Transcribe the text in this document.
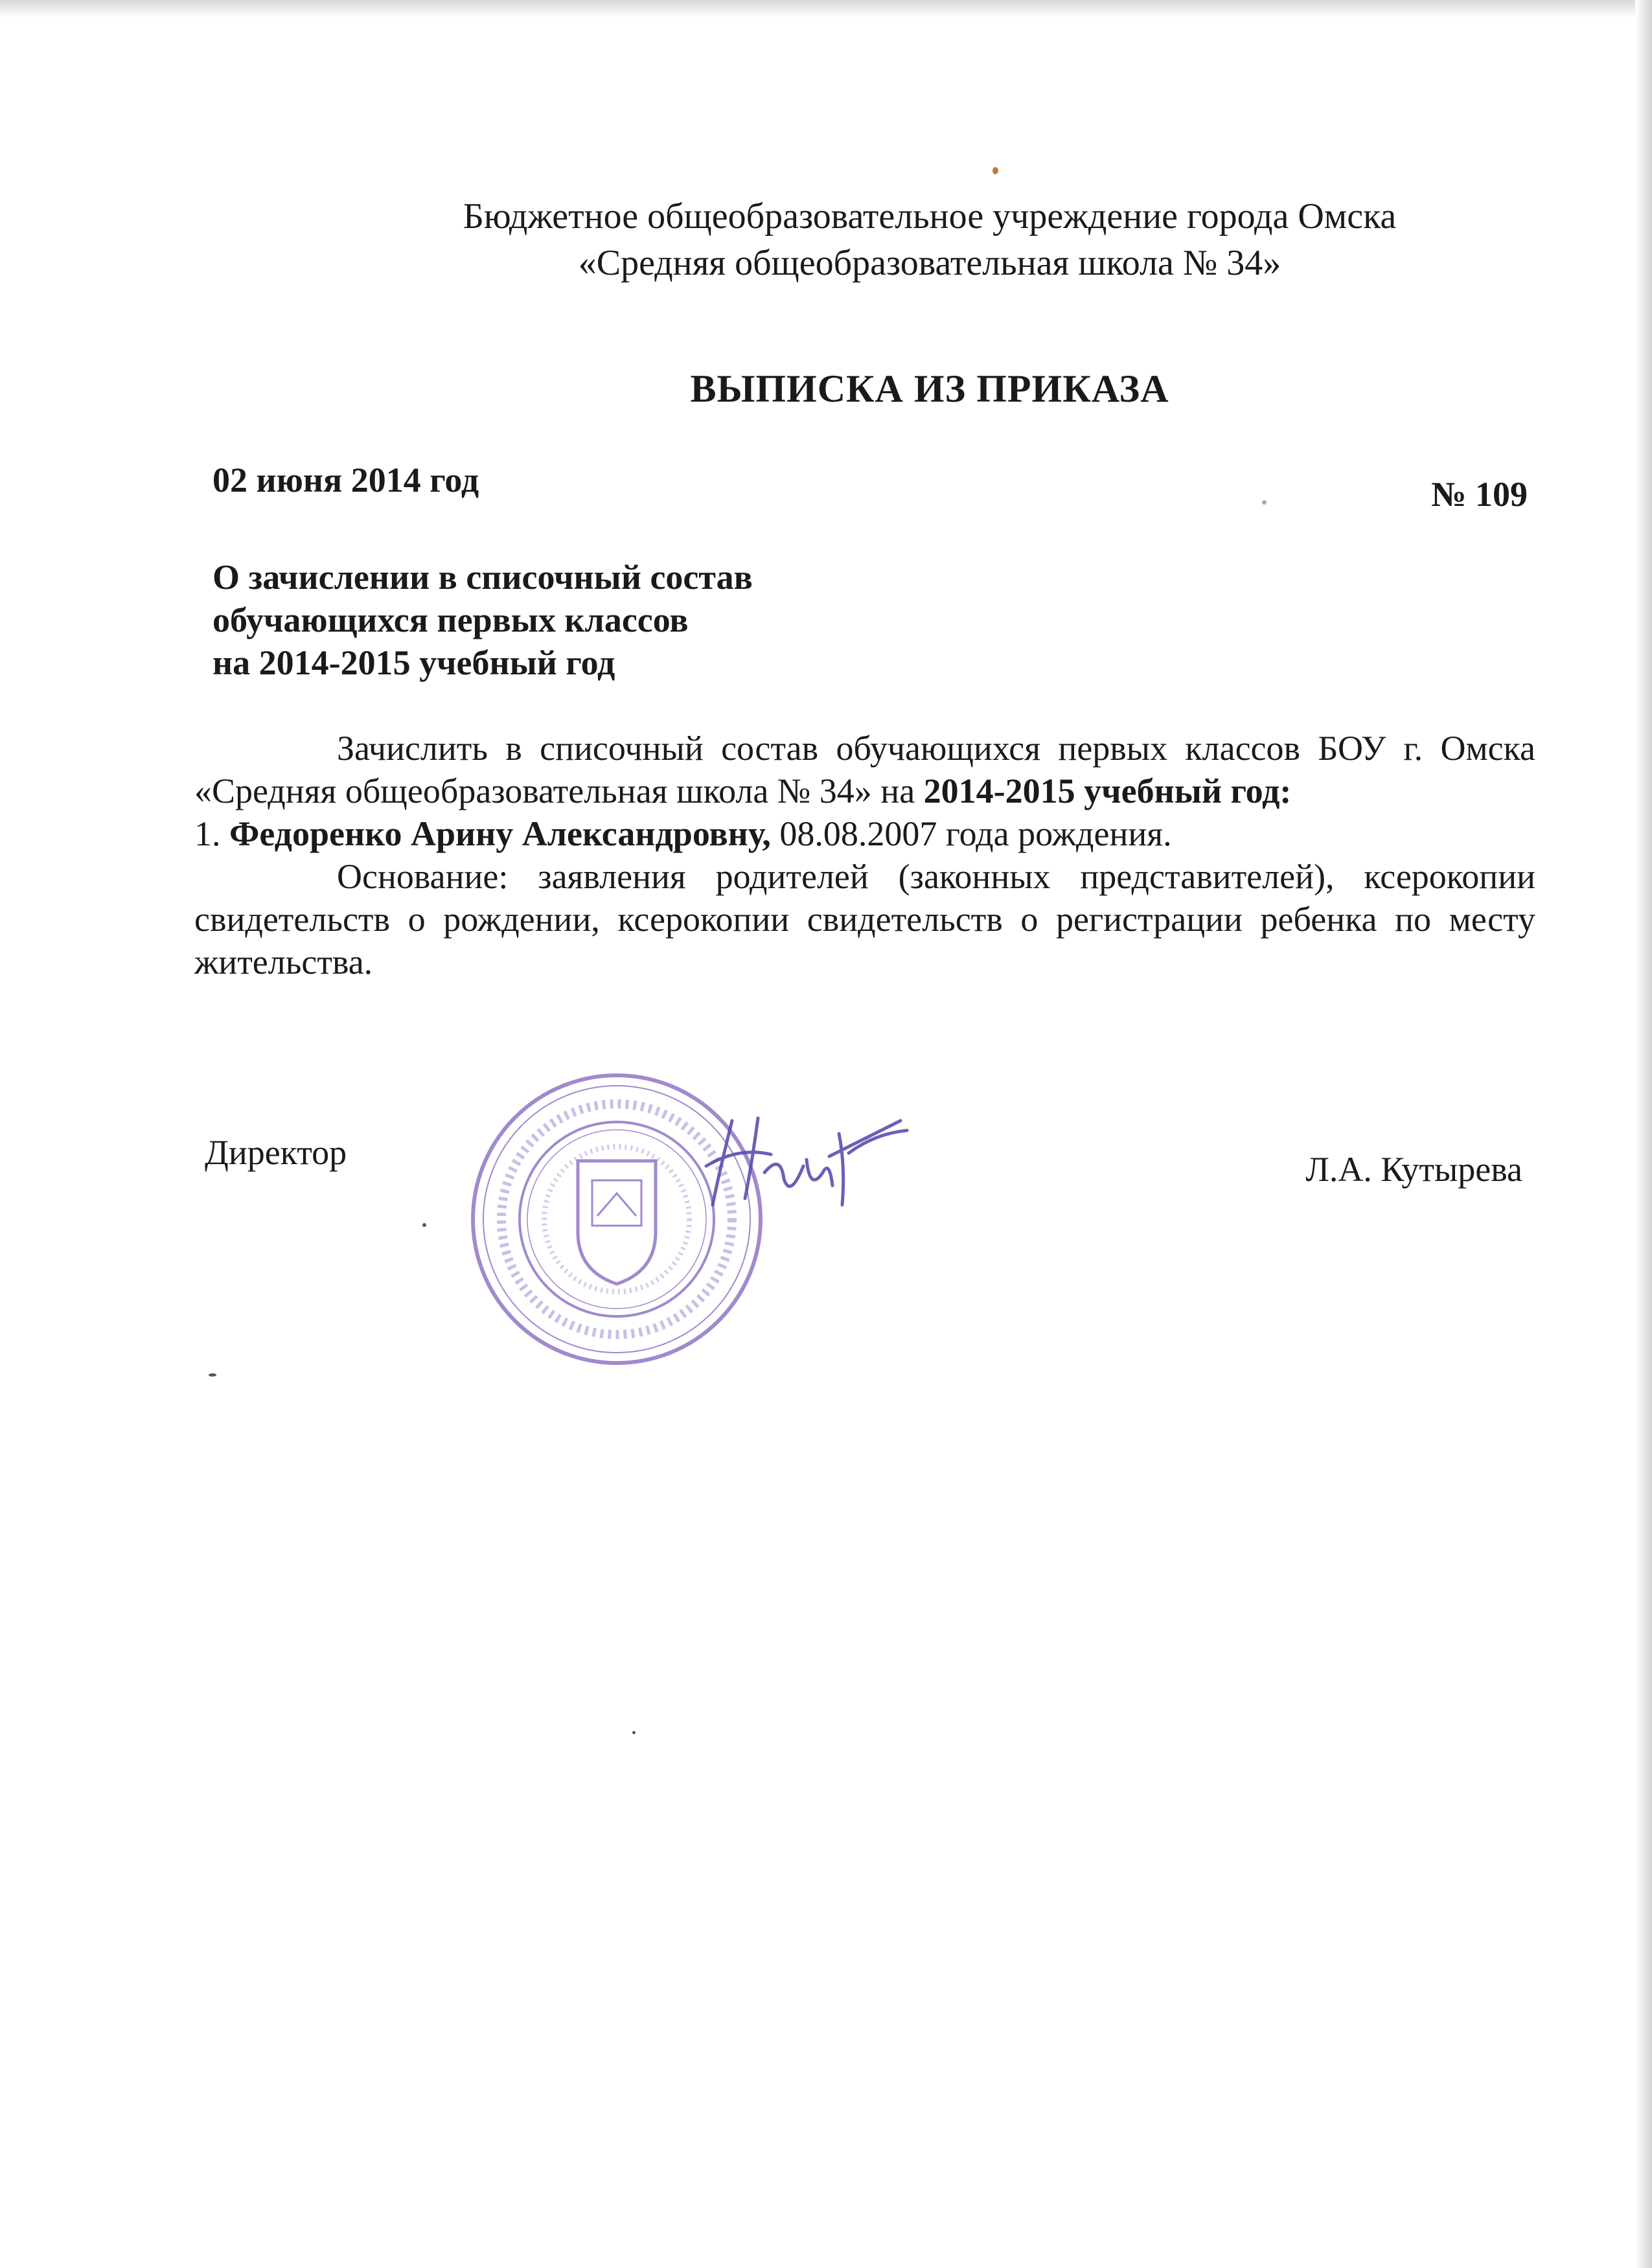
Бюджетное общеобразовательное учреждение города Омска
«Средняя общеобразовательная школа № 34»
ВЫПИСКА ИЗ ПРИКАЗА
02 июня 2014 год	№ 109
О зачислении в списочный состав
обучающихся первых классов
на 2014-2015 учебный год

Зачислить в списочный состав обучающихся первых классов БОУ г. Омска «Средняя общеобразовательная школа № 34» на 2014-2015 учебный год:

1. Федоренко Арину Александровну, 08.08.2007 года рождения.

Основание: заявления родителей (законных представителей), ксерокопии свидетельств о рождении, ксерокопии свидетельств о регистрации ребенка по месту жительства.

Директор	Л.А. Кутырева
